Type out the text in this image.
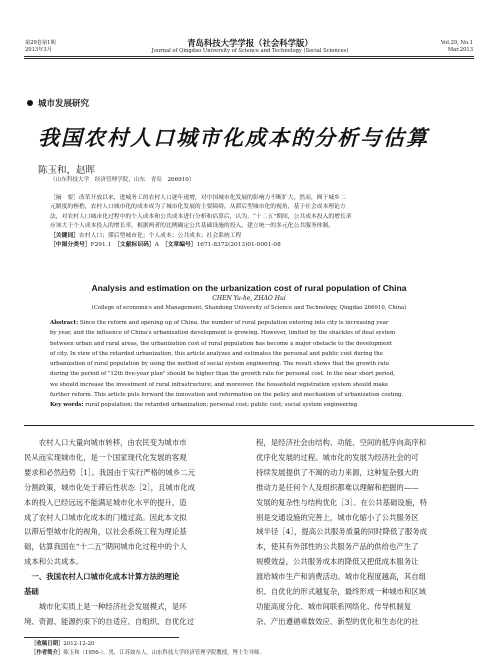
第29卷第1期
2013年3月
青岛科技大学学报（社会科学版）
Journal of Qingdao University of Science and Technology (Social Sciences)
Vol.29, No.1
Mar.2013
城市发展研究
我国农村人口城市化成本的分析与估算
陈玉和，赵晖
（山东科技大学　经济管理学院，山东　青岛　266910）
［摘　要］改革开放以来，进城务工的农村人口逐年递增，对中国城市化发展的影响力不断扩大。然而，囿于城乡二
元制度的桎梏，农村人口城市化的成本成为了城市化发展的主要障碍。从滞后型城市化的视角，基于社会成本理论方
法，对农村人口城市化过程中的个人成本和公共成本进行分析和估算后，认为，“十二五”期间，公共成本投入的增长率
应该大于个人成本投入的增长率，根据两者的比例确定公共基础设施的投入，建立统一的多元化公共服务体制。
［关键词］农村人口；滞后型城市化；个人成本；公共成本；社会系统工程
［中图分类号］F291.1　 ［文献标识码］A　 ［文章编号］1671-8372(2013)01-0001-08
Analysis and estimation on the urbanization cost of rural population of China
CHEN Yu-he, ZHAO Hui
(College of economics and Management, Shandong University of Science and Technology, Qingdao 266910, China)
Abstract: Since the reform and opening up of China, the number of rural population entering into city is increasing year
by year, and the influence of China's urbanization development is growing. However, limited by the shackles of dual system
between urban and rural areas, the urbanization cost of rural population has become a major obstacle to the development
of city. In view of the retarded urbanization, this article analyzes and estimates the personal and public cost during the
urbanization of rural population by using the method of social system engineering. The result shows that the growth rate
during the period of "12th five-year plan" should be higher than the growth rate for personal cost. In the near short period,
we should increase the investment of rural infrastructure; and moreover, the household registration system should make
further reform. This article puts forward the innovation and reformation on the policy and mechanism of urbanization costing.
Key words: rural population; the retarded urbanization; personal cost; public cost; social system engineering
　　农村人口大量向城市转移，由农民变为城市市
民从而实现城市化，是一个国家现代化发展的客观
要求和必然趋势［1］。我国由于实行严格的城乡二元
分割政策，城市化处于滞后性状态［2］，且城市化成
本的投入已经远远不能满足城市化水平的提升，造
成了农村人口城市化成本的门槛过高。因此本文拟
以滞后型城市化的视角，以社会系统工程为理论基
础，估算我国在“十二五”期间城市化过程中的个人
成本和公共成本。
　一、我国农村人口城市化成本计算方法的理论
基础
　　城市化实质上是一种经济社会发展模式，是环
境、资源、能源约束下的自适应、自组织、自优化过
程，是经济社会由结构、功能、空间的低序向高序和
优序化发展的过程。城市化的发展为经济社会的可
持续发展提供了不竭的动力来源，这种复杂强大的
推动力是任何个人及组织都难以理解和把握的——
发展的复杂性与结构优化［3］。在公共基础设施，特
别是交通设施的完善上，城市化缩小了公共服务区
域半径［4］，提高公共服务质量的同时降低了服务成
本，使其有外部性的公共服务产品的供给也产生了
规模效益，公共服务成本的降低又把低成本服务让
渡给城市生产和消费活动。城市化程度越高，其自组
织、自优化的形式越复杂，最终形成一种城市和区域
功能高度分化、城市间联系网络化、传导机制复
杂、产出遵循乘数效应、新型的优化和生态化的社
［收稿日期］2012-12-20
［作者简介］陈玉和（1956-），男，江苏如东人，山东科技大学经济管理学院教授，博士生导师。
